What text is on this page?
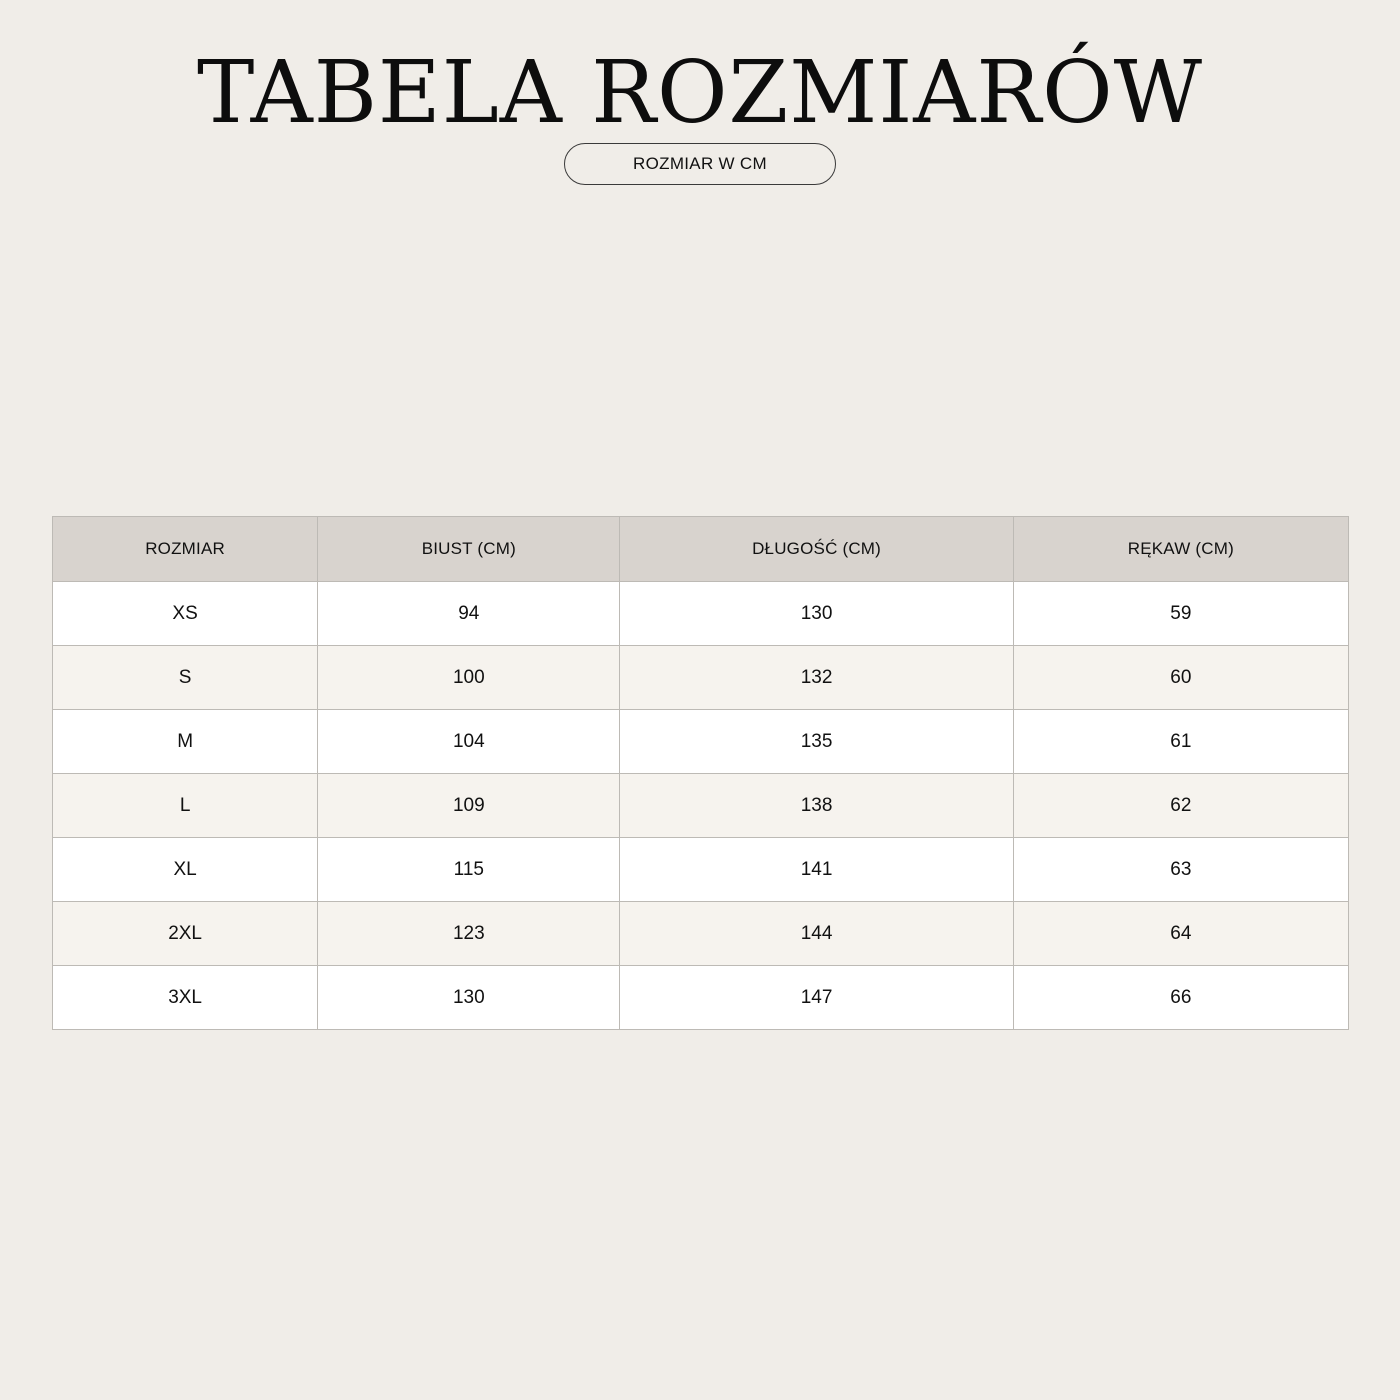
TABELA ROZMIARÓW
ROZMIAR W CM
ROZMIAR	BIUST (CM)	DŁUGOŚĆ (CM)	RĘKAW (CM)
XS	94	130	59
S	100	132	60
M	104	135	61
L	109	138	62
XL	115	141	63
2XL	123	144	64
3XL	130	147	66
